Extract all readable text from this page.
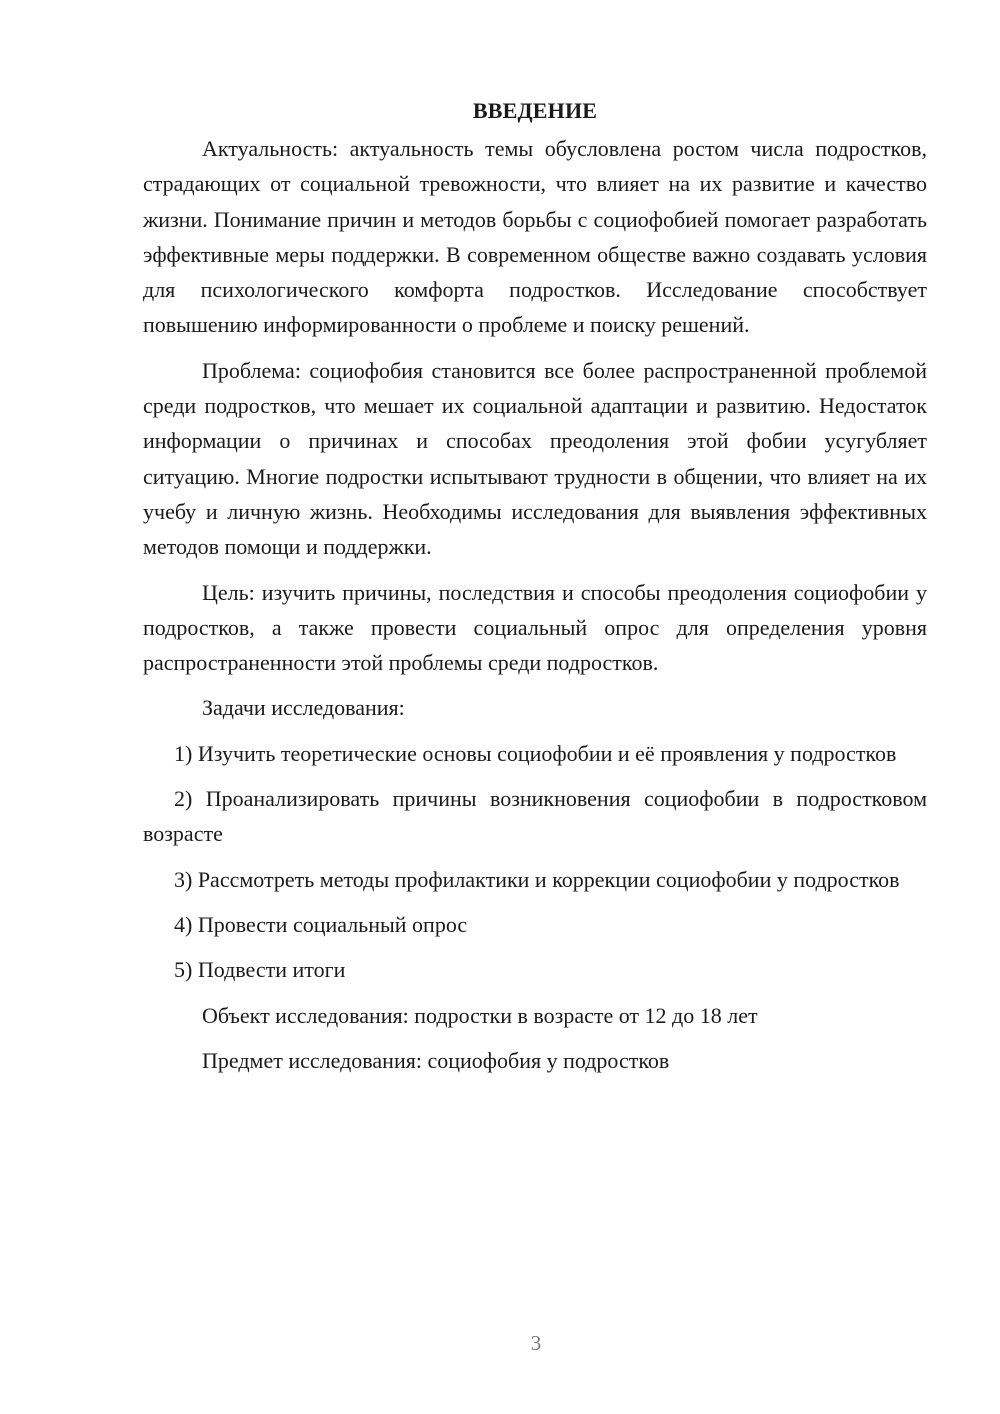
ВВЕДЕНИЕ

Актуальность: актуальность темы обусловлена ростом числа подростков, страдающих от социальной тревожности, что влияет на их развитие и качество жизни. Понимание причин и методов борьбы с социофобией помогает разработать эффективные меры поддержки. В современном обществе важно создавать условия для психологического комфорта подростков. Исследование способствует повышению информированности о проблеме и поиску решений.

Проблема: социофобия становится все более распространенной проблемой среди подростков, что мешает их социальной адаптации и развитию. Недостаток информации о причинах и способах преодоления этой фобии усугубляет ситуацию. Многие подростки испытывают трудности в общении, что влияет на их учебу и личную жизнь. Необходимы исследования для выявления эффективных методов помощи и поддержки.

Цель: изучить причины, последствия и способы преодоления социофобии у подростков, а также провести социальный опрос для определения уровня распространенности этой проблемы среди подростков.

Задачи исследования:

1) Изучить теоретические основы социофобии и её проявления у подростков

2) Проанализировать причины возникновения социофобии в подростковом возрасте

3) Рассмотреть методы профилактики и коррекции социофобии у подростков

4) Провести социальный опрос

5) Подвести итоги

Объект исследования: подростки в возрасте от 12 до 18 лет

Предмет исследования: социофобия у подростков

3
